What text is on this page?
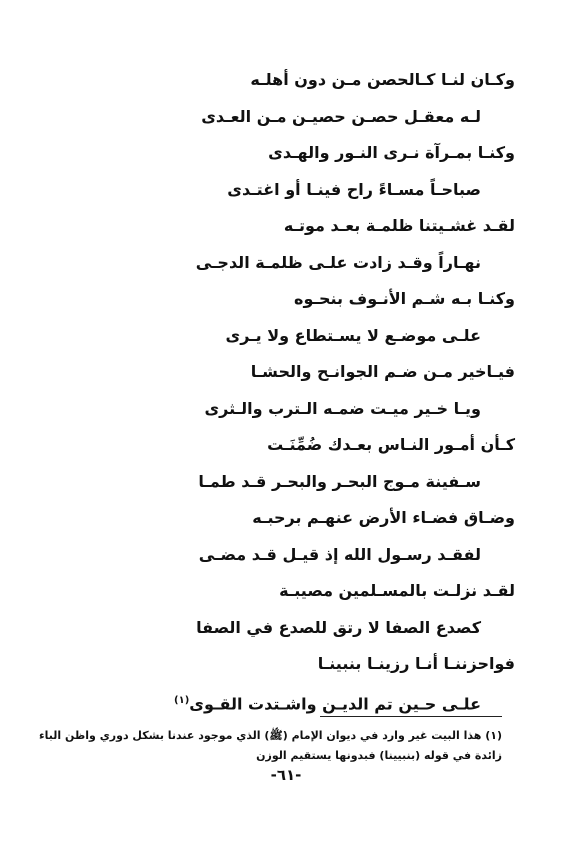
وكـان لنـا كـالحصن مـن دون أهلـه
لـه معقـل حصـن حصيـن مـن العـدى
وكنـا بمـرآة نـرى النـور والهـدى
صباحـاً مسـاءً راح فينـا أو اغتـدى
لقـد غشـيتنا ظلمـة بعـد موتـه
نهـاراً وقـد زادت علـى ظلمـة الدجـى
وكنـا بـه شـم الأنـوف بنحـوه
علـى موضـع لا يسـتطاع ولا يـرى
فيـاخير مـن ضـم الجوانـح والحشـا
ويـا خـير ميـت ضمـه الـترب والـثرى
كـأن أمـور النـاس بعـدك ضُمِّنَـت
سـفينة مـوج البحـر والبحـر قـد طمـا
وضـاق فضـاء الأرض عنهـم برحبـه
لفقـد رسـول الله إذ قيـل قـد مضـى
لقـد نزلـت بالمسـلمين مصيبـة
كصدع الصفا لا رتق للصدع في الصفا
فواحزننـا أنـا رزينـا بنبينـا
علـى حـين تم الديـن واشـتدت القـوى$^{(١)}$
(١) هذا البيت غير وارد في ديوان الإمام (ﷺ) الذي موجود عندنا بشكل دوري واظن الباء
زائدة في قوله (بنبيينا) فبدونها يستقيم الوزن
-٦١-
